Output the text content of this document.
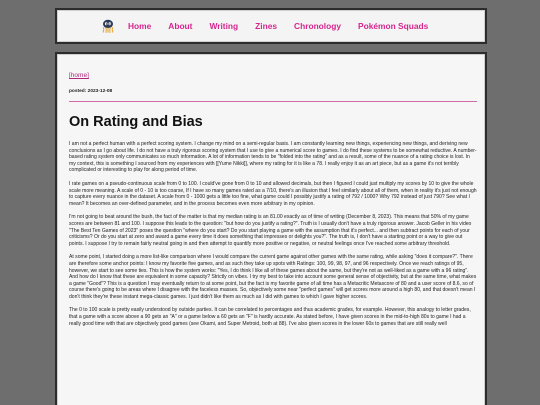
Home About Writing Zines Chronology Pokémon Squads
[home]
posted: 2023-12-08
On Rating and Bias

I am not a perfect human with a perfect scoring system. I change my mind on a semi-regular basis. I am constantly learning new things, experiencing new things, and deriving new conclusions as I go about life. I do not have a truly rigorous scoring system that I use to give a numerical score to games. I do find these systems to be somewhat reductive. A number-based rating system only communicates so much information. A lot of information tends to be "folded into the rating" and as a result, some of the nuance of a rating choice is lost. In my context, this is something I sourced from my experiences with [[Yume Nikki]], where my rating for it is like a 78. I really enjoy it as an art piece, but as a game it's not terribly complicated or interesting to play for along period of time.

I rate games on a pseudo-continuous scale from 0 to 100. I could've gone from 0 to 10 and allowed decimals, but then I figured I could just multiply my scores by 10 to give the whole scale more meaning. A scale of 0 - 10 is too coarse, If I have so many games rated as a 7/10, there's an illusion that I feel similarly about all of them, when in reality it's just not enough to capture every nuance in the dataset. A scale from 0 - 1000 gets a little too fine, what game could I possibly justify a rating of 792 / 1000? Why 792 instead of just 790? See what I mean? It becomes an over-defined parameter, and in the process becomes even more arbitrary in my opinion.

I'm not going to beat around the bush, the fact of the matter is that my median rating is an 81.00 exactly as of time of writing (December 8, 2023). This means that 50% of my game scores are between 81 and 100. I suppose this leads to the question: "but how do you justify a rating?". Truth is I usually don't have a truly rigorous answer. Jacob Geller in his video "The Best Ten Games of 2023" poses the question "where do you start? Do you start playing a game with the assumption that it's perfect... and then subtract points for each of your criticisms? Or do you start at zero and award a game every time it does something that impresses or delights you?". The truth is, I don't have a starting point or a way to give out points. I suppose I try to remain fairly neutral going in and then attempt to quantify more positive or negative, or neutral feelings once I've reached some arbitrary threshold.

At some point, I started doing a more list-like comparison where I would compare the current game against other games with the same rating, while asking "does it compare?". There are therefore some anchor points: I know my favorite five games, and as such they take up spots with Ratings: 100, 99, 98, 97, and 96 respectively. Once we reach ratings of 95, however, we start to see some ties. This is how the system works: "Yes, I do think I like all of these games about the same, but they're not as well-liked as a game with a 96 rating". And how do I know that these are equivalent in some capacity? Strictly on vibes. I try my best to take into account some general sense of objectivity, but at the same time, what makes a game "Good"? This is a question I may eventually return to at some point, but the fact is my favorite game of all time has a Metacritic Metascore of 80 and a user score of 8.6, so of course there's going to be areas where I disagree with the faceless masses. So, objectively some near "perfect games" will get scores more around a high 80, and that doesn't mean I don't think they're these instant mega-classic games. I just didn't like them as much as I did with games to which I gave higher scores.

The 0 to 100 scale is pretty easily understood by outside parties. It can be correlated to percentages and thus academic grades, for example. However, this analogy to letter grades, that a game with a score above a 90 gets an "A" or a game below a 60 gets an "F" is hardly accurate. As stated before, I have given scores in the mid-to-high 80s to game I had a really good time with that are objectively good games (see Okami, and Super Metroid, both at 88). I've also given scores in the lower 60s to games that are still really well
